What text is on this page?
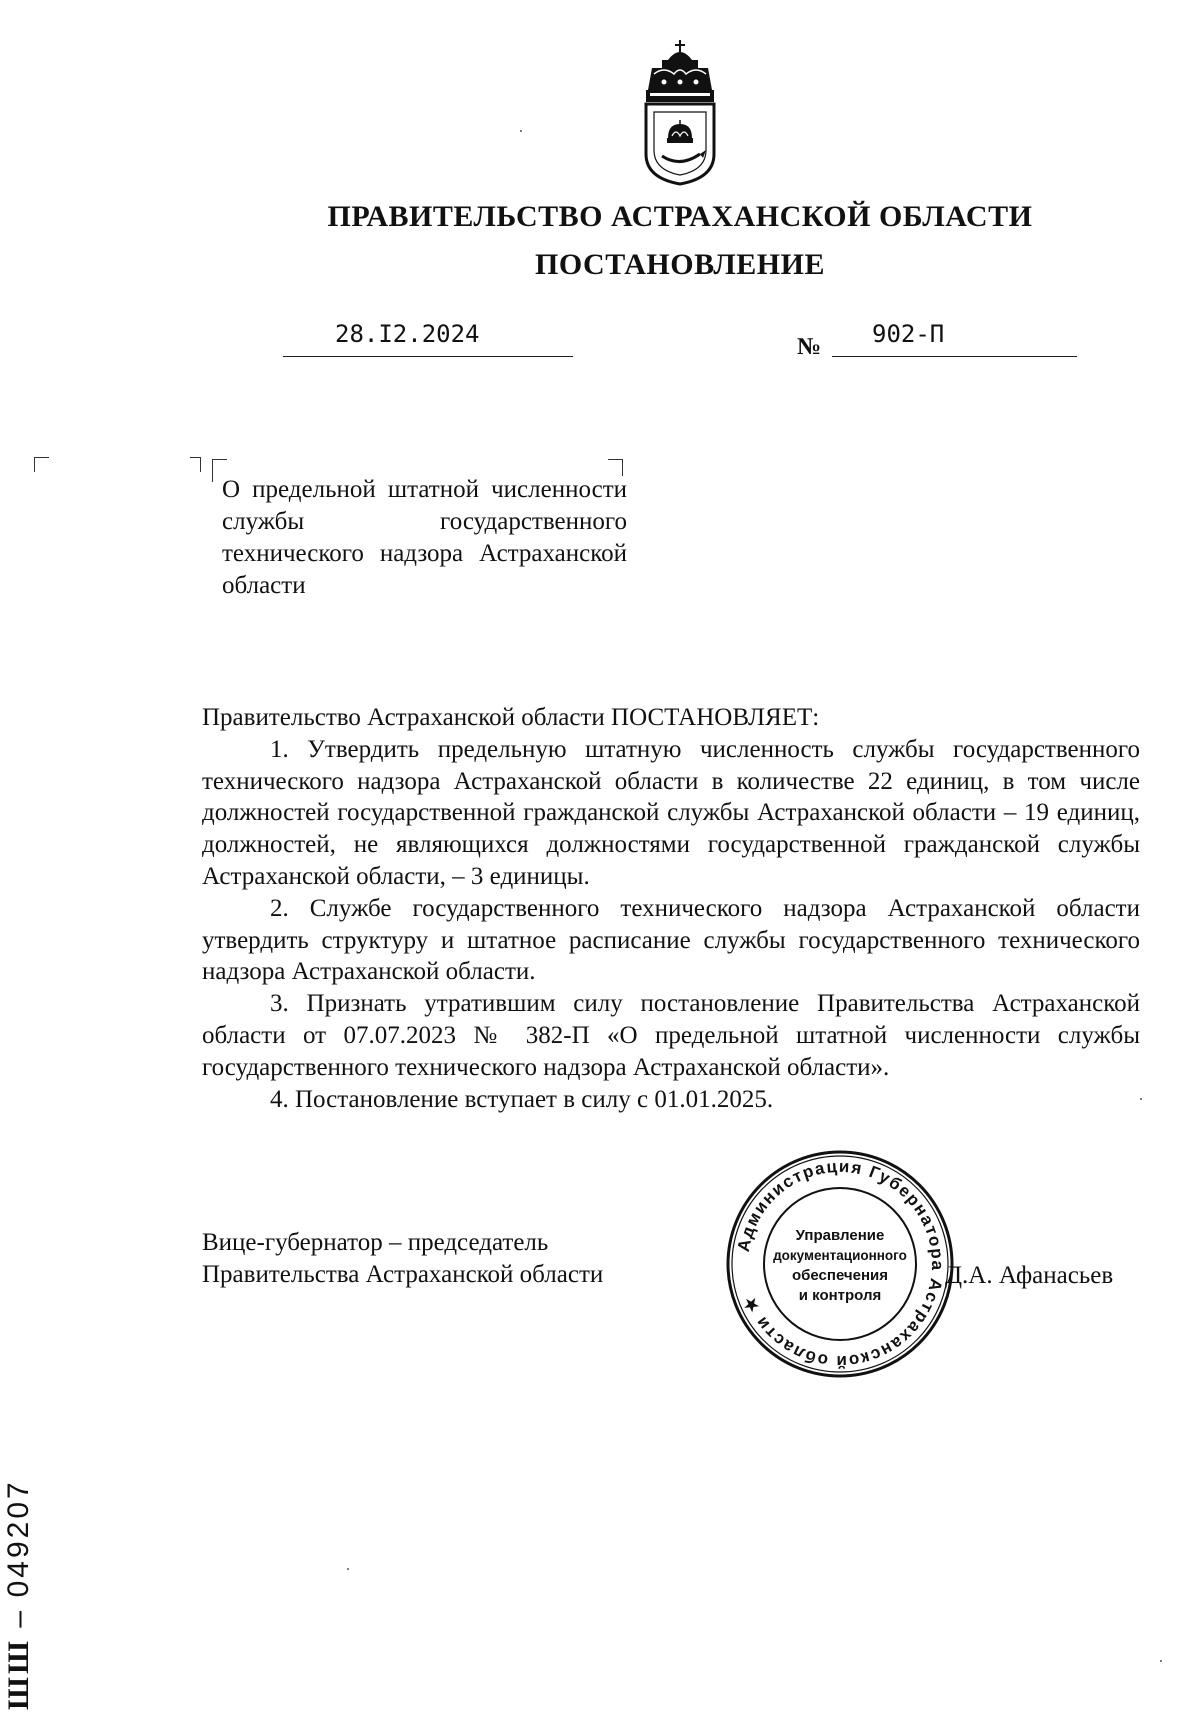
ПРАВИТЕЛЬСТВО АСТРАХАНСКОЙ ОБЛАСТИ
ПОСТАНОВЛЕНИЕ
28.I2.2024	№ 902-П
О предельной штатной численности службы государственного технического надзора Астраханской области

Правительство Астраханской области ПОСТАНОВЛЯЕТ:

1. Утвердить предельную штатную численность службы государственного технического надзора Астраханской области в количестве 22 единиц, в том числе должностей государственной гражданской службы Астраханской области – 19 единиц, должностей, не являющихся должностями государственной гражданской службы Астраханской области, – 3 единицы.

2. Службе государственного технического надзора Астраханской области утвердить структуру и штатное расписание службы государственного технического надзора Астраханской области.

3. Признать утратившим силу постановление Правительства Астраханской области от 07.07.2023 № 382-П «О предельной штатной численности службы государственного технического надзора Астраханской области».

4. Постановление вступает в силу с 01.01.2025.

Вице-губернатор – председатель
Правительства Астраханской области
Администрация Губернатора Астраханской области ★
Управление
документационного
обеспечения
и контроля
Д.А. Афанасьев
ШШ – 049207
